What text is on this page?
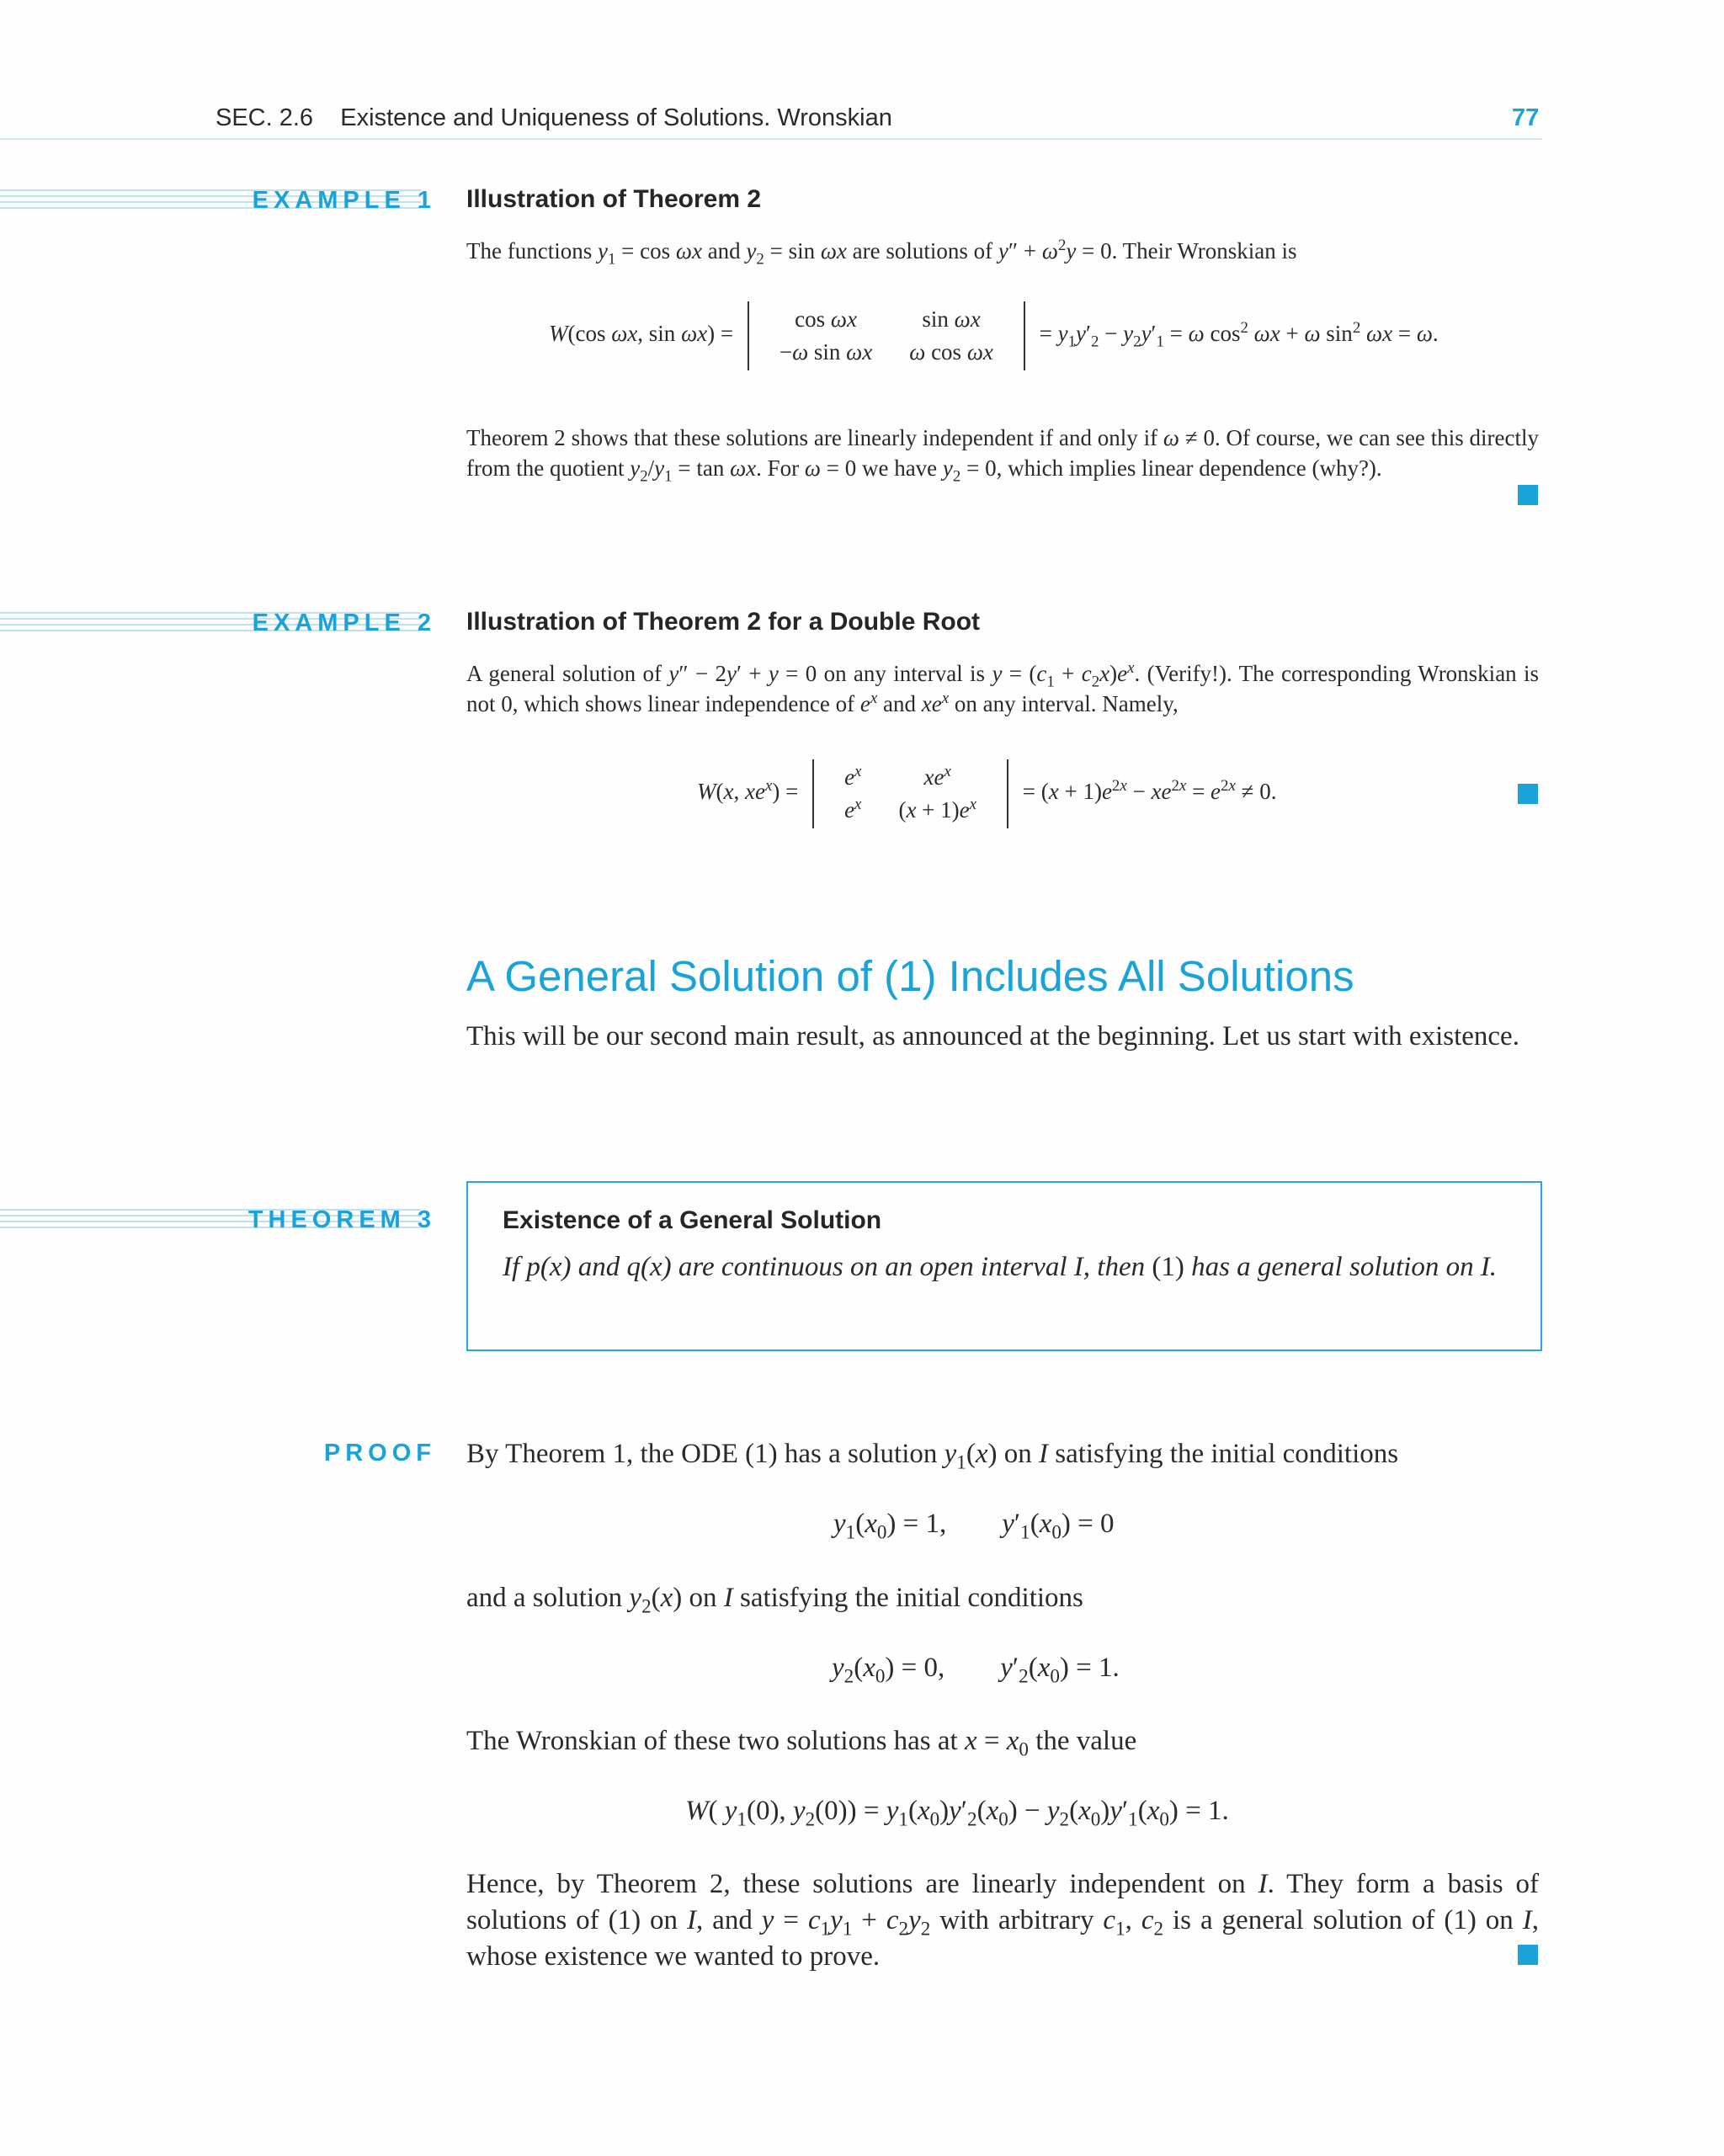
SEC. 2.6 Existence and Uniqueness of Solutions. Wronskian	77
EXAMPLE 1 Illustration of Theorem 2
The functions $y_1 = \cos \omega x$ and $y_2 = \sin \omega x$ are solutions of $y'' + \omega^2y = 0$. Their Wronskian is
W(cos ωx, sin ωx) =
cos ωx	sin ωx
−ω sin ωx	ω cos ωx
= $y_1y'_2 - y_2y'_1 = \omega$ $\cos^2 \omega x + \omega$ $\sin^2 \omega x = \omega$.
Theorem 2 shows that these solutions are linearly independent if and only if ω ≠ 0. Of course, we can see this directly from the quotient $y_2/y_1 = \tan \omega x$. For ω = 0 we have $y_2 = 0$, which implies linear dependence (why?).
EXAMPLE 2 Illustration of Theorem 2 for a Double Root
A general solution of y″ − 2y′ + y = 0 on any interval is $y = (c_1 + c_2x)e^x$. (Verify!). The corresponding Wronskian is not 0, which shows linear independence of $e^x$ and $xe^x$ on any interval. Namely,
W(x, $xe^x$) =
$e^x$	$xe^x$
$e^x$	$(x + 1)e^x$
= $(x + 1)e^{2x} - xe^{2x} = e^{2x} \ne 0$.
A General Solution of (1) Includes All Solutions
This will be our second main result, as announced at the beginning. Let us start with existence.
THEOREM 3	Existence of a General Solution
If p(x) and q(x) are continuous on an open interval I, then (1) has a general solution on I.
PROOF By Theorem 1, the ODE (1) has a solution $y_1(x)$ on I satisfying the initial conditions
$y_1(x_0) = 1$,        $y'_1(x_0) = 0$
and a solution $y_2(x)$ on I satisfying the initial conditions
$y_2(x_0) = 0$,        $y'_2(x_0) = 1$.
The Wronskian of these two solutions has at $x = x_0$ the value
W( $y_1(0)$, $y_2(0)) = y_1(x_0)y'_2(x_0) - y_2(x_0)y'_1(x_0) = 1$.
Hence, by Theorem 2, these solutions are linearly independent on I. They form a basis of solutions of (1) on I, and $y = c_1y_1 + c_2y_2$ with arbitrary $c_1$, $c_2$ is a general solution of (1) on I, whose existence we wanted to prove.
